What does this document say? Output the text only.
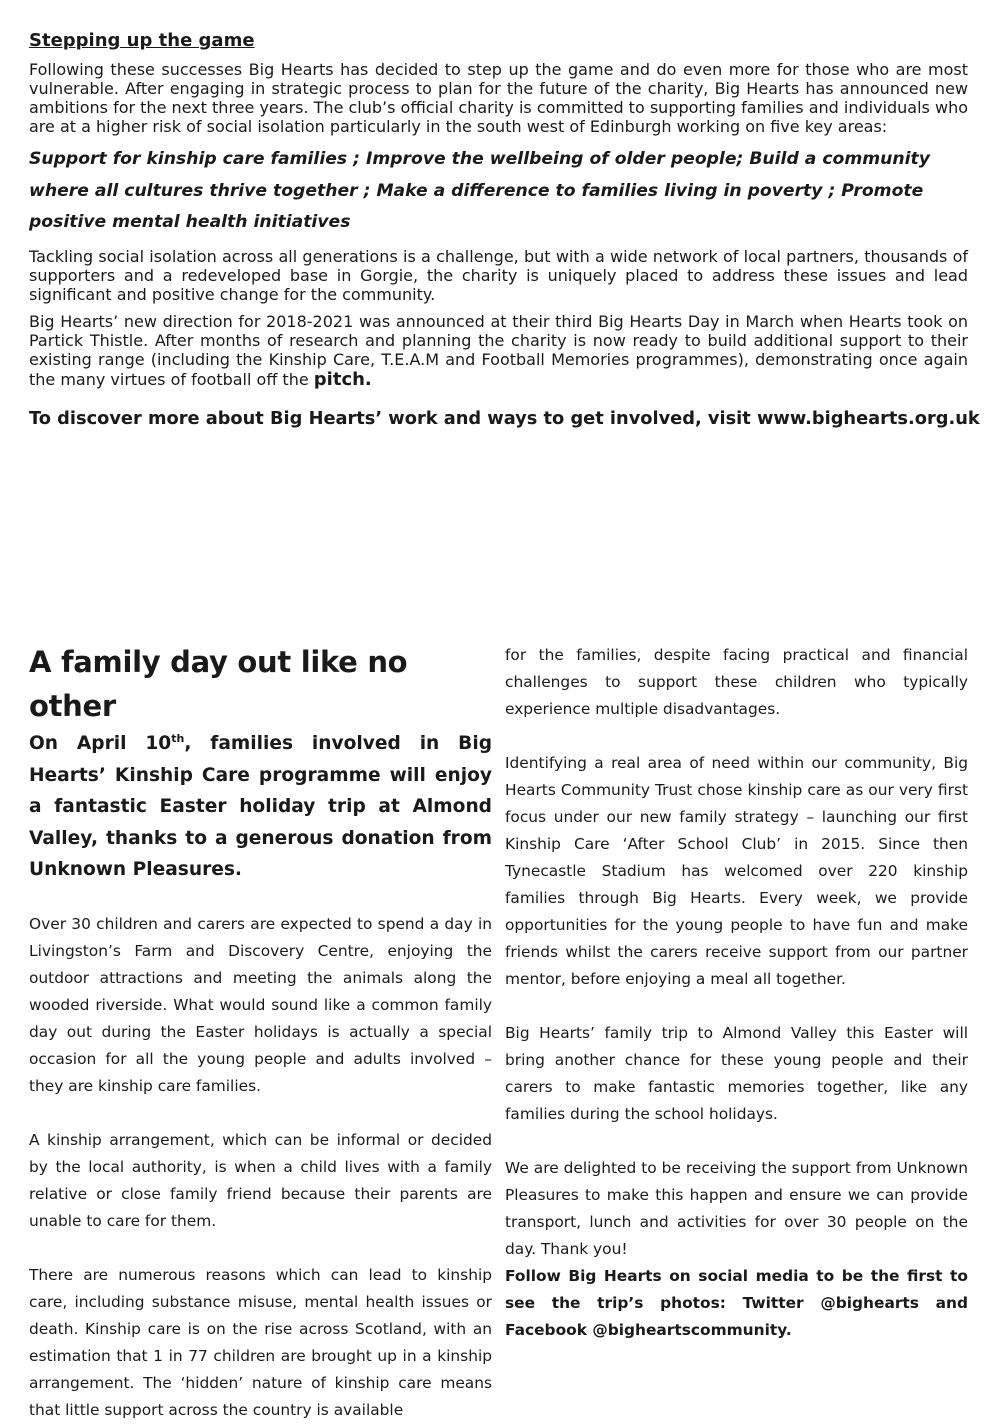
Stepping up the game

Following these successes Big Hearts has decided to step up the game and do even more for those who are most vulnerable. After engaging in strategic process to plan for the future of the charity, Big Hearts has announced new ambitions for the next three years. The club’s official charity is committed to supporting families and individuals who are at a higher risk of social isolation particularly in the south west of Edinburgh working on five key areas:

Support for kinship care families ; Improve the wellbeing of older people; Build a community where all cultures thrive together ; Make a difference to families living in poverty ; Promote positive mental health initiatives

Tackling social isolation across all generations is a challenge, but with a wide network of local partners, thousands of supporters and a redeveloped base in Gorgie, the charity is uniquely placed to address these issues and lead significant and positive change for the community.

Big Hearts’ new direction for 2018-2021 was announced at their third Big Hearts Day in March when Hearts took on Partick Thistle. After months of research and planning the charity is now ready to build additional support to their existing range (including the Kinship Care, T.E.A.M and Football Memories programmes), demonstrating once again the many virtues of football off the pitch.

To discover more about Big Hearts’ work and ways to get involved, visit www.bighearts.org.uk

A family day out like no other

On April 10th, families involved in Big Hearts’ Kinship Care programme will enjoy a fantastic Easter holiday trip at Almond Valley, thanks to a generous donation from Unknown Pleasures.

Over 30 children and carers are expected to spend a day in Livingston’s Farm and Discovery Centre, enjoying the outdoor attractions and meeting the animals along the wooded riverside. What would sound like a common family day out during the Easter holidays is actually a special occasion for all the young people and adults involved – they are kinship care families.

A kinship arrangement, which can be informal or decided by the local authority, is when a child lives with a family relative or close family friend because their parents are unable to care for them.

There are numerous reasons which can lead to kinship care, including substance misuse, mental health issues or death. Kinship care is on the rise across Scotland, with an estimation that 1 in 77 children are brought up in a kinship arrangement. The ‘hidden’ nature of kinship care means that little support across the country is available

for the families, despite facing practical and financial challenges to support these children who typically experience multiple disadvantages.

Identifying a real area of need within our community, Big Hearts Community Trust chose kinship care as our very first focus under our new family strategy – launching our first Kinship Care ‘After School Club’ in 2015. Since then Tynecastle Stadium has welcomed over 220 kinship families through Big Hearts. Every week, we provide opportunities for the young people to have fun and make friends whilst the carers receive support from our partner mentor, before enjoying a meal all together.

Big Hearts’ family trip to Almond Valley this Easter will bring another chance for these young people and their carers to make fantastic memories together, like any families during the school holidays.

We are delighted to be receiving the support from Unknown Pleasures to make this happen and ensure we can provide transport, lunch and activities for over 30 people on the day. Thank you!

Follow Big Hearts on social media to be the first to see the trip’s photos: Twitter @bighearts and Facebook @bigheartscommunity.
